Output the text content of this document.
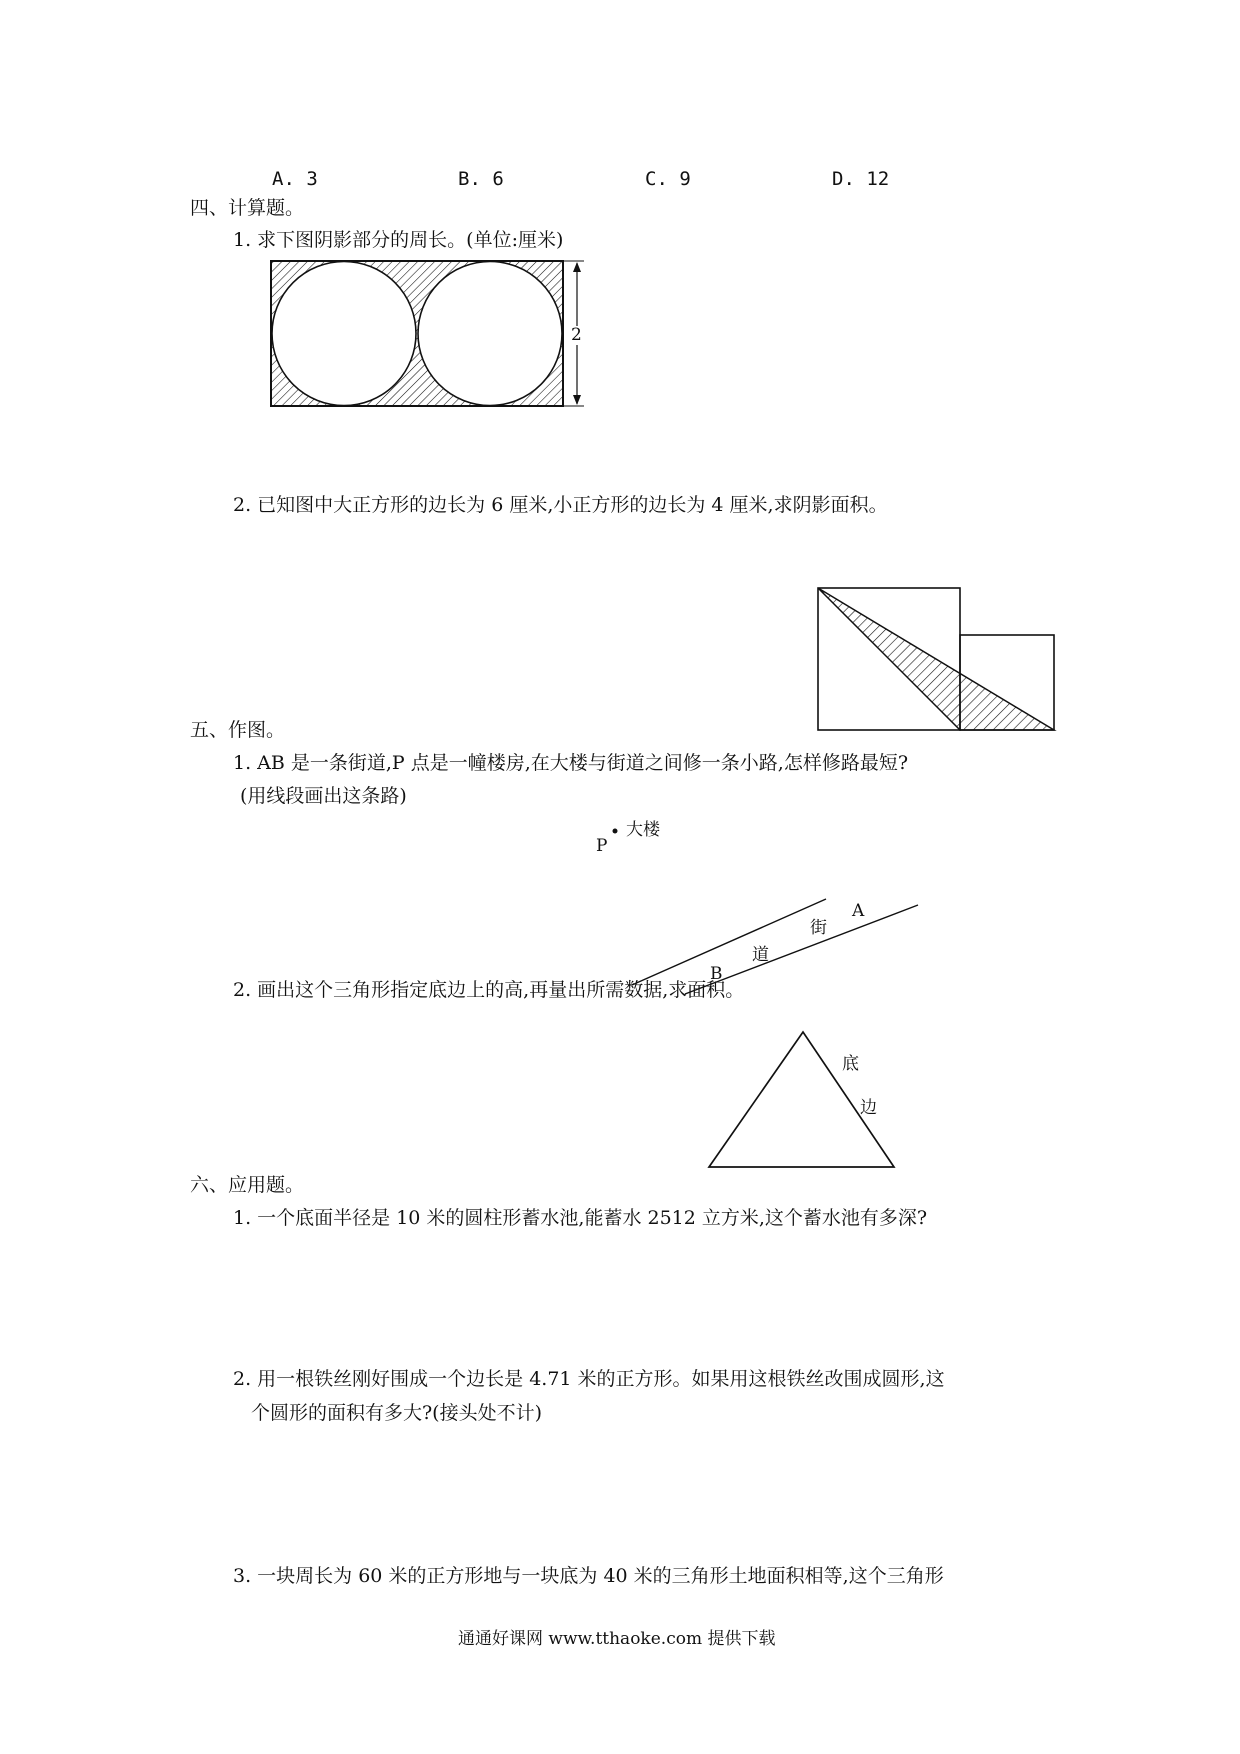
A. 3	B. 6	C. 9	D. 12
四、计算题。
1. 求下图阴影部分的周长。(单位:厘米)
2
2. 已知图中大正方形的边长为 6 厘米,小正方形的边长为 4 厘米,求阴影面积。
五、作图。
1. AB 是一条街道,P 点是一幢楼房,在大楼与街道之间修一条小路,怎样修路最短?
(用线段画出这条路)
P
大楼
A
B
街
道
2. 画出这个三角形指定底边上的高,再量出所需数据,求面积。
底
边
六、应用题。
1. 一个底面半径是 10 米的圆柱形蓄水池,能蓄水 2512 立方米,这个蓄水池有多深?
2. 用一根铁丝刚好围成一个边长是 4.71 米的正方形。如果用这根铁丝改围成圆形,这
个圆形的面积有多大?(接头处不计)
3. 一块周长为 60 米的正方形地与一块底为 40 米的三角形土地面积相等,这个三角形
通通好课网 www.tthaoke.com 提供下载
